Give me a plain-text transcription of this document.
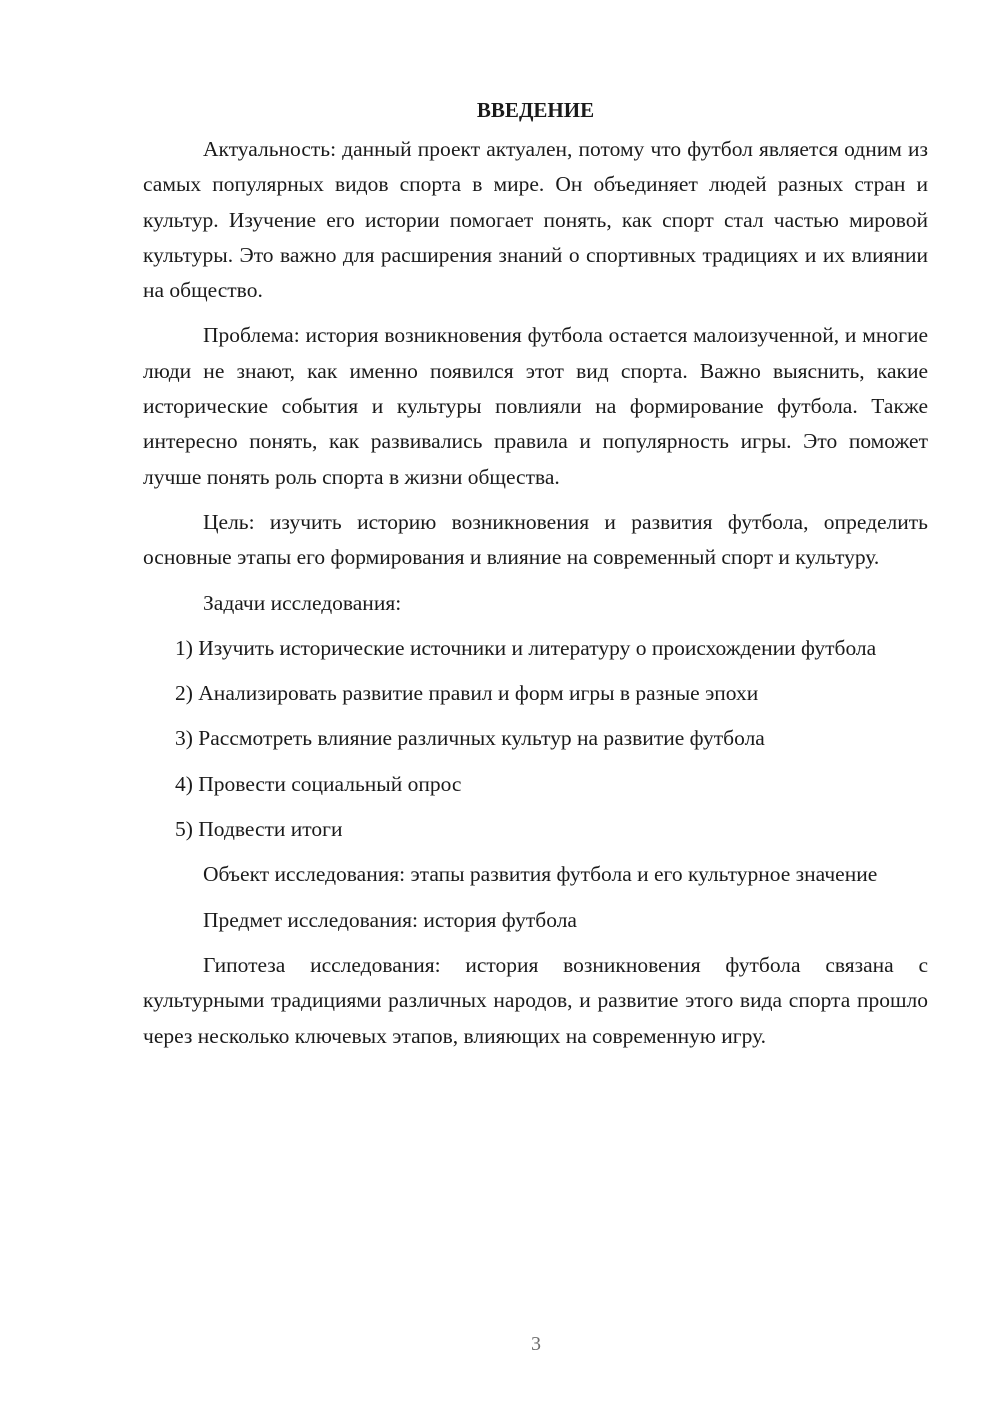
ВВЕДЕНИЕ

Актуальность: данный проект актуален, потому что футбол является одним из самых популярных видов спорта в мире. Он объединяет людей разных стран и культур. Изучение его истории помогает понять, как спорт стал частью мировой культуры. Это важно для расширения знаний о спортивных традициях и их влиянии на общество.

Проблема: история возникновения футбола остается малоизученной, и многие люди не знают, как именно появился этот вид спорта. Важно выяснить, какие исторические события и культуры повлияли на формирование футбола. Также интересно понять, как развивались правила и популярность игры. Это поможет лучше понять роль спорта в жизни общества.

Цель: изучить историю возникновения и развития футбола, определить основные этапы его формирования и влияние на современный спорт и культуру.

Задачи исследования:

1) Изучить исторические источники и литературу о происхождении футбола

2) Анализировать развитие правил и форм игры в разные эпохи

3) Рассмотреть влияние различных культур на развитие футбола

4) Провести социальный опрос

5) Подвести итоги

Объект исследования: этапы развития футбола и его культурное значение

Предмет исследования: история футбола

Гипотеза исследования: история возникновения футбола связана с культурными традициями различных народов, и развитие этого вида спорта прошло через несколько ключевых этапов, влияющих на современную игру.

3
